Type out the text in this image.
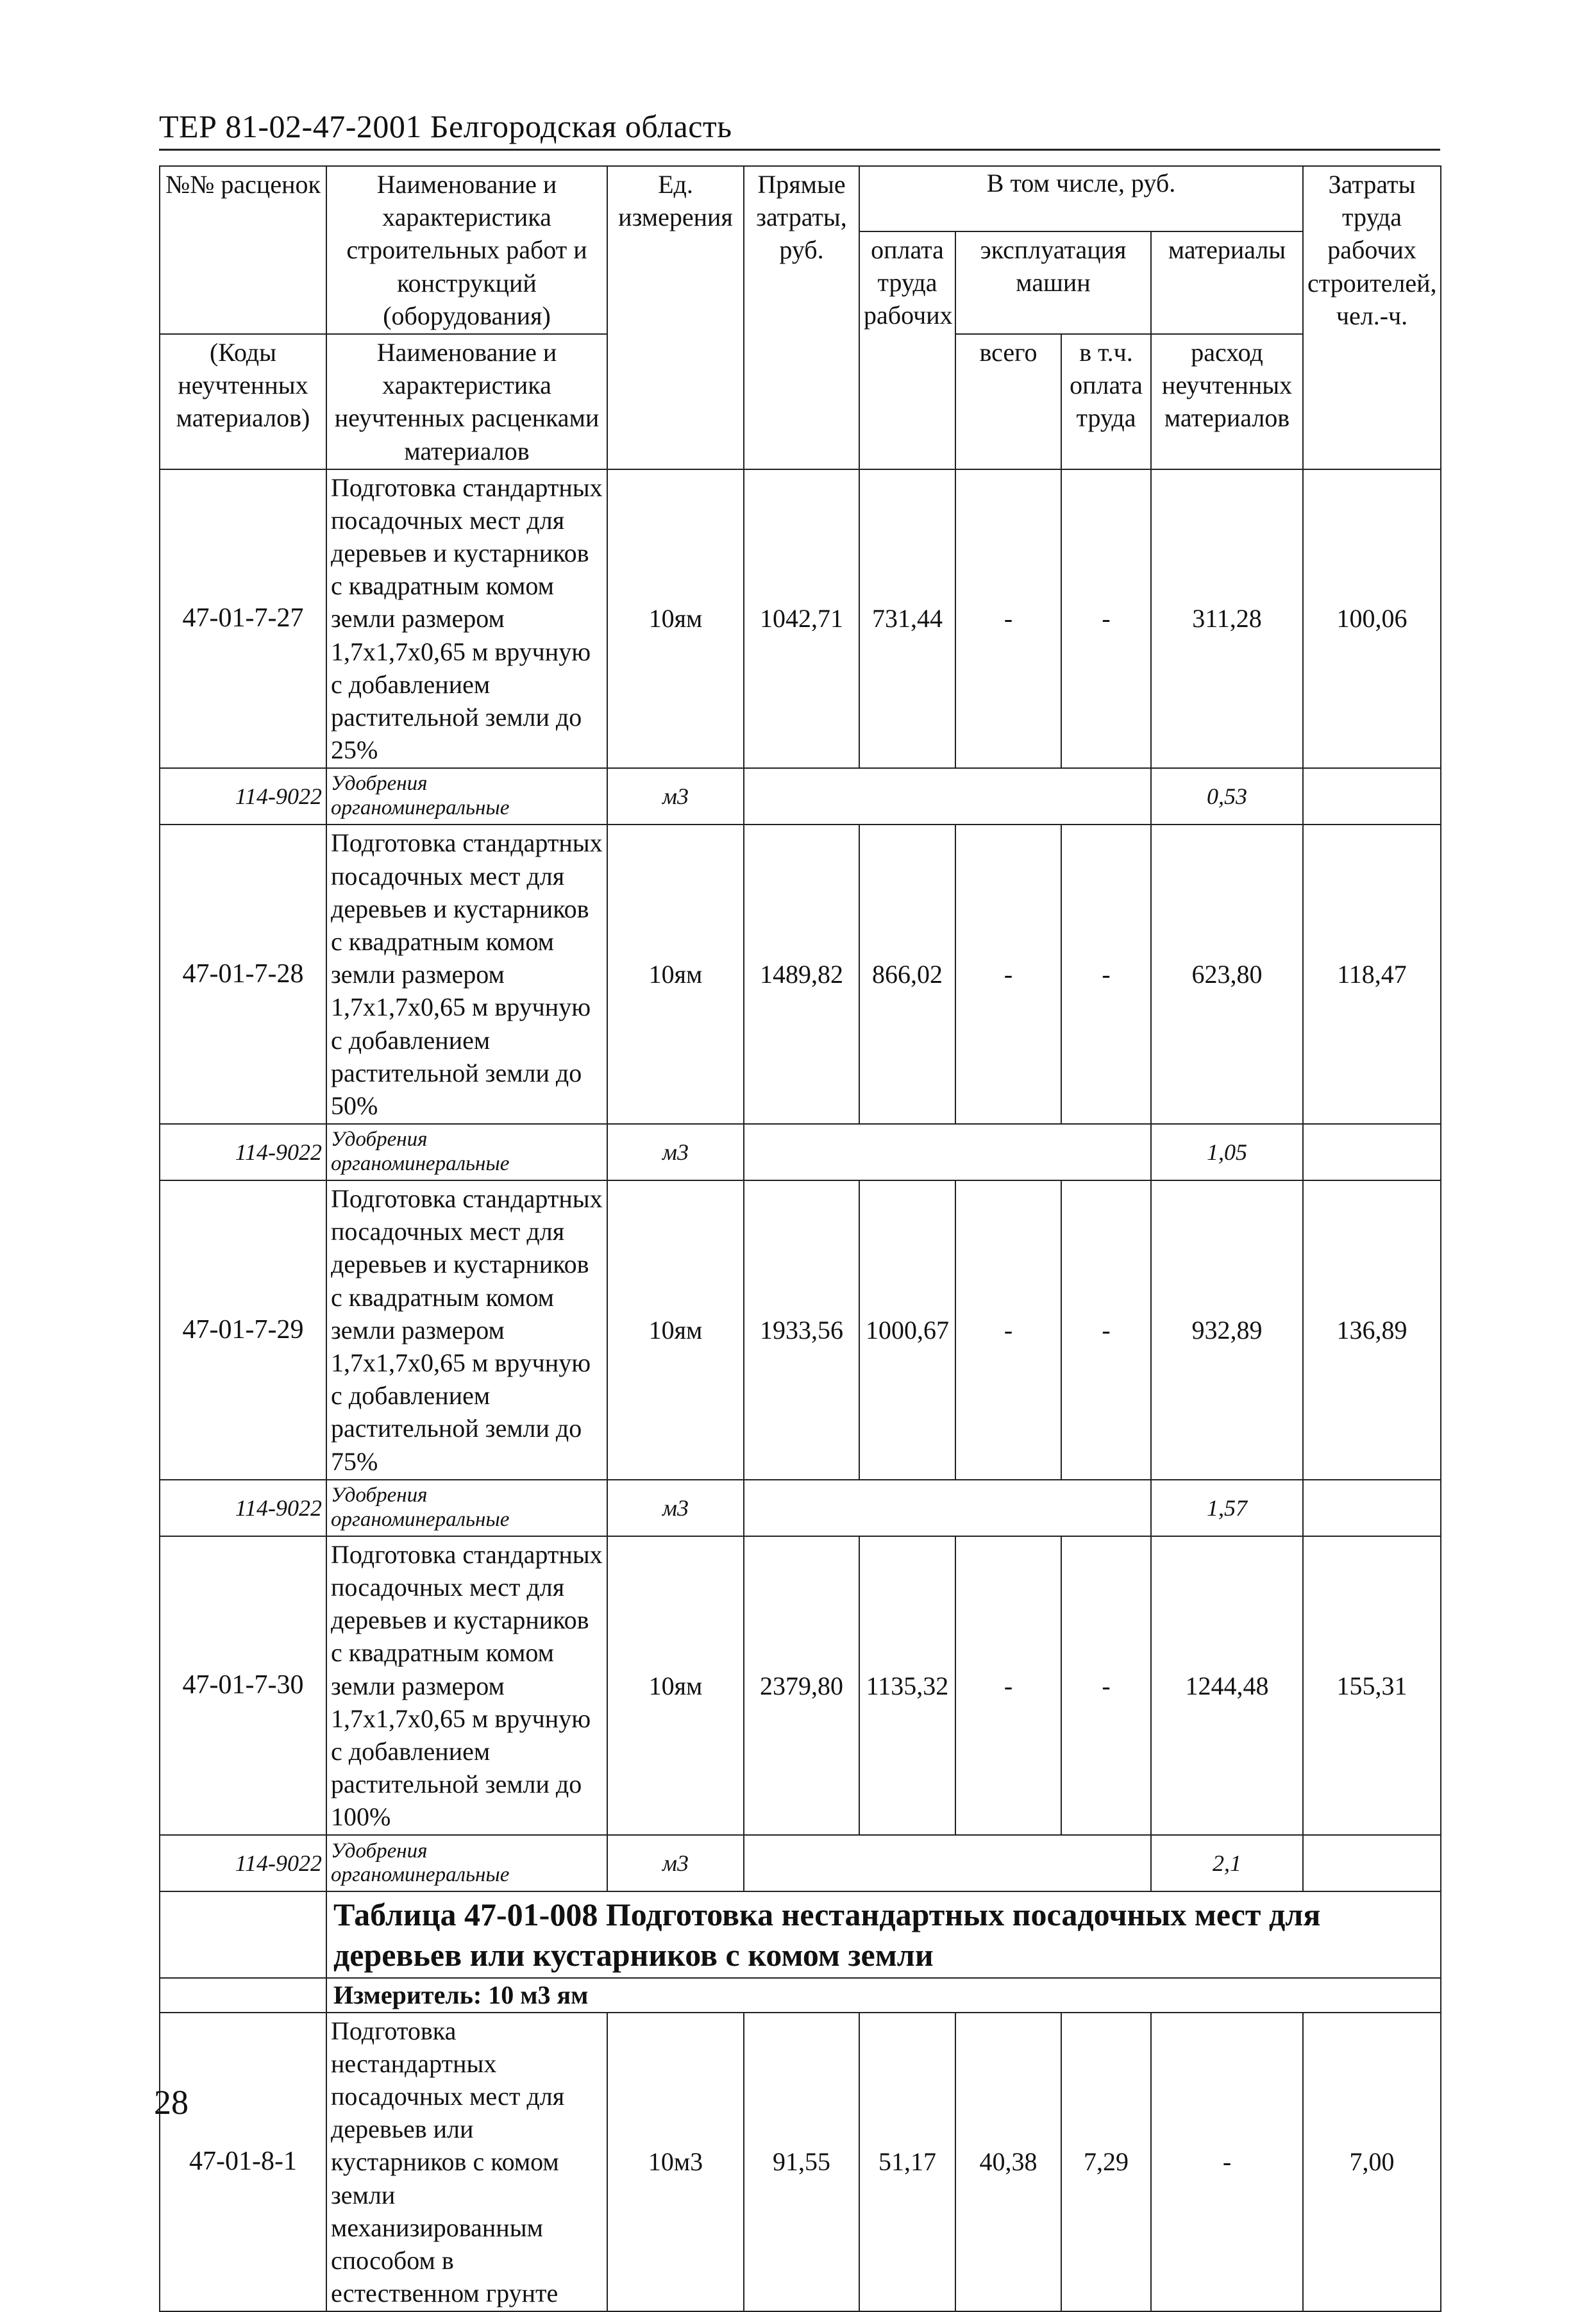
ТЕР 81-02-47-2001 Белгородская область
№№ расценок	Наименование и характеристика строительных работ и конструкций (оборудования)	Ед. измерения	Прямые затраты, руб.	В том числе, руб.				Затраты труда рабочих строителей, чел.-ч.
				оплата труда рабочих	эксплуатация машин		материалы	
(Коды неучтенных материалов)	Наименование и характеристика неучтенных расценками материалов				всего	в т.ч. оплата труда	расход неучтенных материалов	

47-01-7-27	Подготовка стандартных посадочных мест для деревьев и кустарников с квадратным комом земли размером 1,7х1,7х0,65 м вручную с добавлением растительной земли до 25%	10ям	1042,71	731,44	-	-	311,28	100,06
114-9022	Удобрения органоминеральные	м3					0,53	
47-01-7-28	Подготовка стандартных посадочных мест для деревьев и кустарников с квадратным комом земли размером 1,7х1,7х0,65 м вручную с добавлением растительной земли до 50%	10ям	1489,82	866,02	-	-	623,80	118,47
114-9022	Удобрения органоминеральные	м3					1,05	
47-01-7-29	Подготовка стандартных посадочных мест для деревьев и кустарников с квадратным комом земли размером 1,7х1,7х0,65 м вручную с добавлением растительной земли до 75%	10ям	1933,56	1000,67	-	-	932,89	136,89
114-9022	Удобрения органоминеральные	м3					1,57	
47-01-7-30	Подготовка стандартных посадочных мест для деревьев и кустарников с квадратным комом земли размером 1,7х1,7х0,65 м вручную с добавлением растительной земли до 100%	10ям	2379,80	1135,32	-	-	1244,48	155,31
114-9022	Удобрения органоминеральные	м3					2,1	
	Таблица 47-01-008 Подготовка нестандартных посадочных мест для деревьев или кустарников с комом земли							
	Измеритель: 10 м3 ям							
47-01-8-1	Подготовка нестандартных посадочных мест для деревьев или кустарников с комом земли механизированным способом в естественном грунте	10м3	91,55	51,17	40,38	7,29	-	7,00
28
